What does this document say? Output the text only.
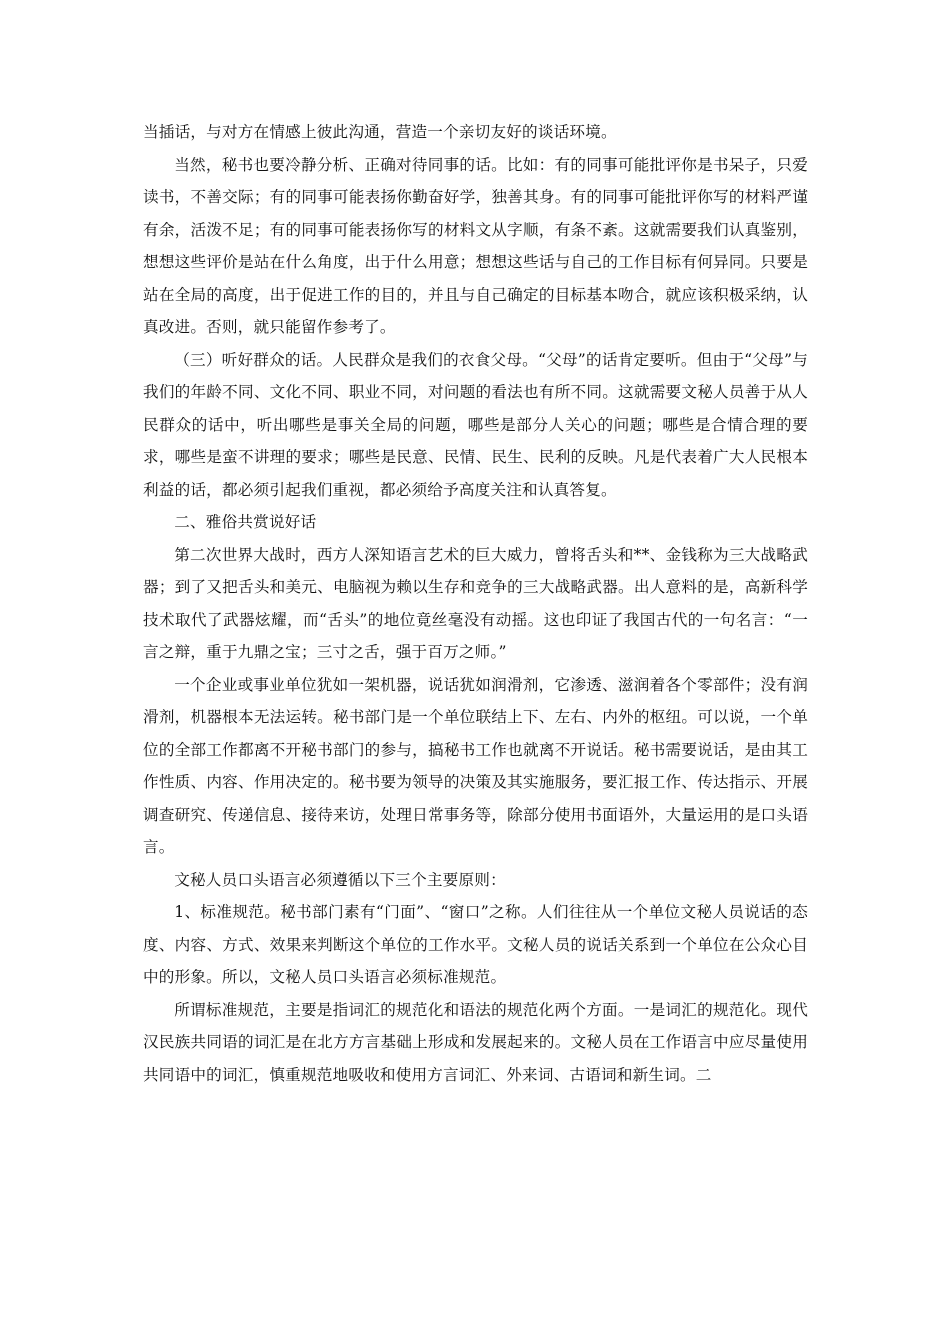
当插话，与对方在情感上彼此沟通，营造一个亲切友好的谈话环境。

当然，秘书也要冷静分析、正确对待同事的话。比如：有的同事可能批评你是书呆子，只爱读书，不善交际；有的同事可能表扬你勤奋好学，独善其身。有的同事可能批评你写的材料严谨有余，活泼不足；有的同事可能表扬你写的材料文从字顺，有条不紊。这就需要我们认真鉴别，想想这些评价是站在什么角度，出于什么用意；想想这些话与自己的工作目标有何异同。只要是站在全局的高度，出于促进工作的目的，并且与自己确定的目标基本吻合，就应该积极采纳，认真改进。否则，就只能留作参考了。

（三）听好群众的话。人民群众是我们的衣食父母。“父母”的话肯定要听。但由于“父母”与我们的年龄不同、文化不同、职业不同，对问题的看法也有所不同。这就需要文秘人员善于从人民群众的话中，听出哪些是事关全局的问题，哪些是部分人关心的问题；哪些是合情合理的要求，哪些是蛮不讲理的要求；哪些是民意、民情、民生、民利的反映。凡是代表着广大人民根本利益的话，都必须引起我们重视，都必须给予高度关注和认真答复。

二、雅俗共赏说好话

第二次世界大战时，西方人深知语言艺术的巨大威力，曾将舌头和**、金钱称为三大战略武器；到了又把舌头和美元、电脑视为赖以生存和竞争的三大战略武器。出人意料的是，高新科学技术取代了武器炫耀，而“舌头”的地位竟丝毫没有动摇。这也印证了我国古代的一句名言：“一言之辩，重于九鼎之宝；三寸之舌，强于百万之师。”

一个企业或事业单位犹如一架机器，说话犹如润滑剂，它渗透、滋润着各个零部件；没有润滑剂，机器根本无法运转。秘书部门是一个单位联结上下、左右、内外的枢纽。可以说，一个单位的全部工作都离不开秘书部门的参与，搞秘书工作也就离不开说话。秘书需要说话，是由其工作性质、内容、作用决定的。秘书要为领导的决策及其实施服务，要汇报工作、传达指示、开展调查研究、传递信息、接待来访，处理日常事务等，除部分使用书面语外，大量运用的是口头语言。

文秘人员口头语言必须遵循以下三个主要原则：

1、标准规范。秘书部门素有“门面”、“窗口”之称。人们往往从一个单位文秘人员说话的态度、内容、方式、效果来判断这个单位的工作水平。文秘人员的说话关系到一个单位在公众心目中的形象。所以，文秘人员口头语言必须标准规范。

所谓标准规范，主要是指词汇的规范化和语法的规范化两个方面。一是词汇的规范化。现代汉民族共同语的词汇是在北方方言基础上形成和发展起来的。文秘人员在工作语言中应尽量使用共同语中的词汇，慎重规范地吸收和使用方言词汇、外来词、古语词和新生词。二
